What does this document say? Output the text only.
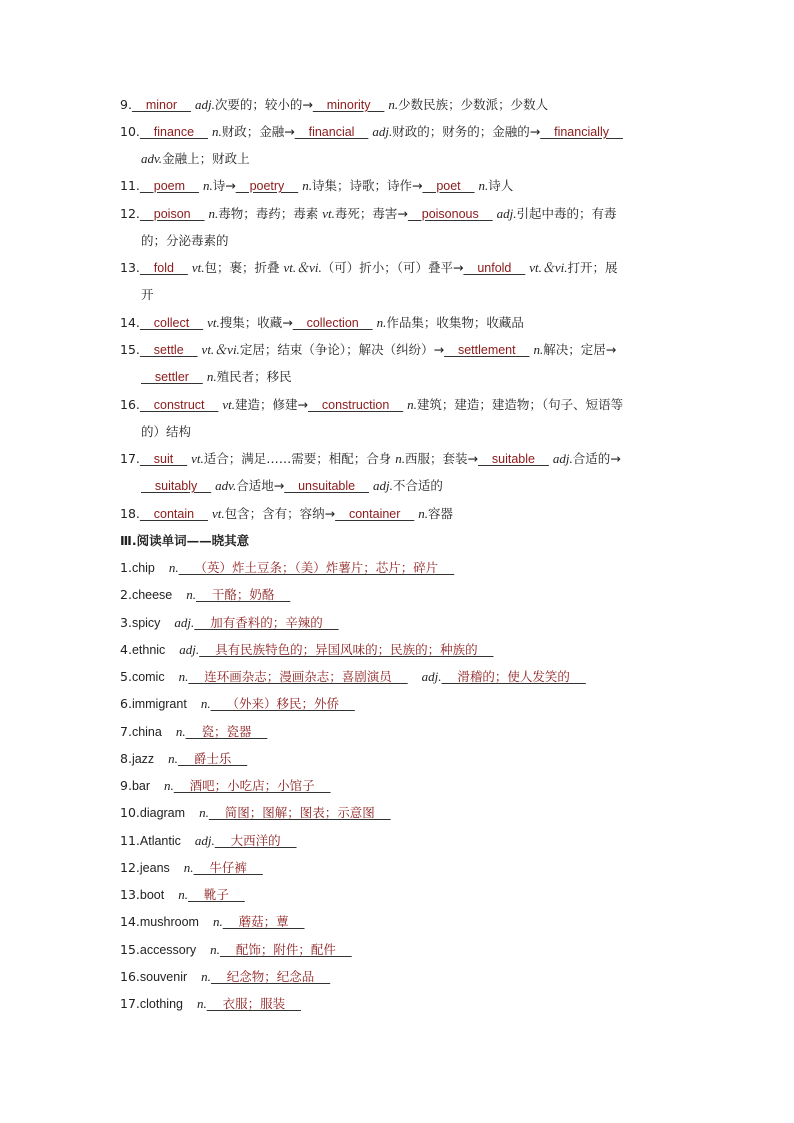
9.    minor     adj.次要的；较小的→    minority     n.少数民族；少数派；少数人
10.    finance     n.财政；金融→    financial     adj.财政的；财务的；金融的→    financially
adv.金融上；财政上
11.    poem     n.诗→    poetry     n.诗集；诗歌；诗作→    poet     n.诗人
12.    poison     n.毒物；毒药；毒素 vt.毒死；毒害→    poisonous     adj.引起中毒的；有毒
的；分泌毒素的
13.    fold     vt.包；裹；折叠 vt.＆vi.（可）折小；（可）叠平→    unfold     vt.＆vi.打开；展
开
14.    collect     vt.搜集；收藏→    collection     n.作品集；收集物；收藏品
15.    settle     vt.＆vi.定居；结束（争论）；解决（纠纷）→    settlement     n.解决；定居→
settler     n.殖民者；移民
16.    construct     vt.建造；修建→    construction     n.建筑；建造；建造物；（句子、短语等
的）结构
17.    suit     vt.适合；满足……需要；相配；合身 n.西服；套装→    suitable     adj.合适的→
suitably     adv.合适地→    unsuitable     adj.不合适的
18.    contain     vt.包含；含有；容纳→    container     n.容器
Ⅲ.阅读单词——晓其意
1.chip n.    （英）炸土豆条；（美）炸薯片；芯片；碎片
2.cheese n.    干酪；奶酪
3.spicy adj.    加有香料的；辛辣的
4.ethnic adj.    具有民族特色的；异国风味的；民族的；种族的
5.comic n.    连环画杂志；漫画杂志；喜剧演员    adj.    滑稽的；使人发笑的
6.immigrant n.    （外来）移民；外侨
7.china n.    瓷；瓷器
8.jazz n.    爵士乐
9.bar n.    酒吧；小吃店；小馆子
10.diagram n.    简图；图解；图表；示意图
11.Atlantic adj.    大西洋的
12.jeans n.    牛仔裤
13.boot n.    靴子
14.mushroom n.    蘑菇；蕈
15.accessory n.    配饰；附件；配件
16.souvenir n.    纪念物；纪念品
17.clothing n.    衣服；服装
